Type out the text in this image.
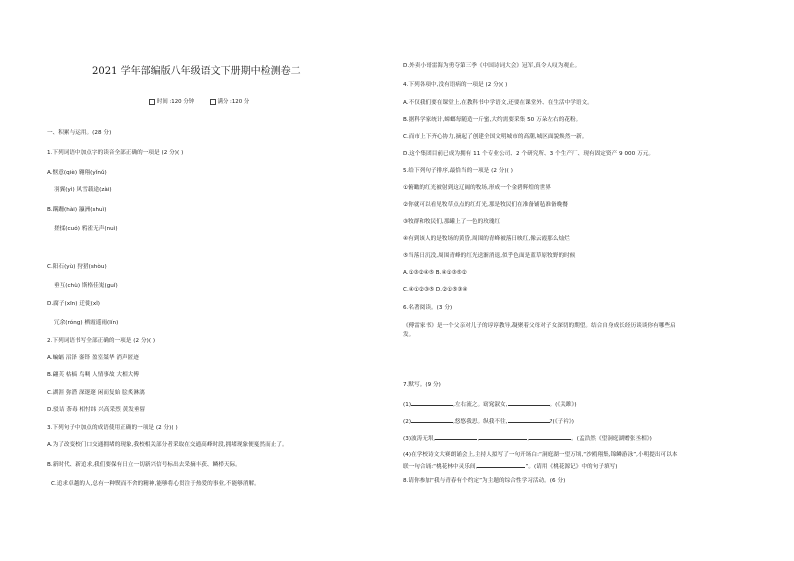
2021 学年部编版八年级语文下册期中检测卷二
时间 :120 分钟	满分 :120 分
一、积累与运用。(28 分)
1.下列词语中加点字的读音全部正确的一项是 (2 分)( )
A.惬意(qiè) 翱翔(yǐnǔ)
羽翼(yì) 风雪载途(zài)
B.蹒跚(hài) 瀛洲(shuì)
搓揉(cuó) 鸦雀无声(nuì)
C.阳石(yù) 狩猎(shòu)
垂互(chù) 斯格佳嵬(guǐ)
D.腐子(xīn) 迁徙(xǐ)
冗余(róng) 栖霞遥雨(lín)
2.下列词语书写全部正确的一项是 (2 分)( )
A.蝙蝠 沼泽 銮铎 盈室桀华 消声匿迹
B.翩芙 枯槁 鸟啁 人情事故 大相大傅
C.湖涯 弥潜 深邃邃 闲而复始 脍炙淋漓
D.驳诘 荼毒 相忖纬 兴高采烈 黄发垂髫
3.下列句子中加点的成语使用正确的一项是 (2 分)( )
A.为了改变校门口交通拥堵的现象,我校相关部分者采取在交通高峰时段,拥堵现象便戛然而止了。
B.新时代、新追求,我们要保有日立一切新兴信号标出去采摘丰获、鳞栉天际。
C.追求卓越的人,总有一种锲而不舍的精神,能够将心贯注于热爱的事业,不能够消解。
D.外卖小哥雷海为勇夺第三季《中国诗词大会》冠军,真令人叹为观止。
4.下列各项中,没有语病的一项是 (2 分)( )
A.不仅我们要在课堂上,在教科书中学语文,还要在课堂外、在生活中学语文。
B.据科学家统计,蟑螂每随造一斤蜜,大约需要采集 50 万朵左右的花粉。
C.而市上下齐心协力,摘起了创建全国文明城市的高潮,城区面貌焕然一新。
D.这个集团目前已成为拥有 11 个专业公司、2 个研究所、3 个生产厂、现有固定资产 9 000 万元。
5.给下列句子排序,最恰当的一项是 (2 分)( )
①俯瞰的红光被射到这辽阔的牧场,形成一个金碧辉煌的世界
②你就可以看见牧草点点的红灯光,那是牧民们在准备铺毡准备晚餐
③牧群和牧民们,那罐上了一色的玫瑰红
④有到该人的是牧场的黄昏,周围的青峰被落日映红,像云霞那么灿烂
⑤当落日沉没,周围青峰的红光送渐消退,似乎色面是蓝草原牧野的时候
A.①③②④⑤ B.④①③⑤②
C.④①②③⑤ D.②①⑤③④
6.名著阅读。(3 分)
《傅雷家书》是一个父亲对儿子的谆谆教导,凝聚着父母对子女深切的期望。结合自身成长经历谈谈你有哪些启
发。
7.默写。(9 分)
(1)	,左右流之。窈窕淑女,	。(《关雎》)
(2)	,悠悠我思。纵我不往,	?(《子衿》)
(3)波涛无垠,	,	,	。(孟浩然《望洞庭湖赠张丞相》)
(4)在学校诗文大赛朗诵会上,主持人拟写了一句开场白:“洞庭湖一望万顷,“沙鸥翔集,锦鳞游泳”,小明提出可以本
联一句合诵:“桃花林中灵乐间,	”。(请用《桃花源记》中的句子填写)
8.请你参加“我与青春有个约定”为主题的综合性学习活动。(6 分)
